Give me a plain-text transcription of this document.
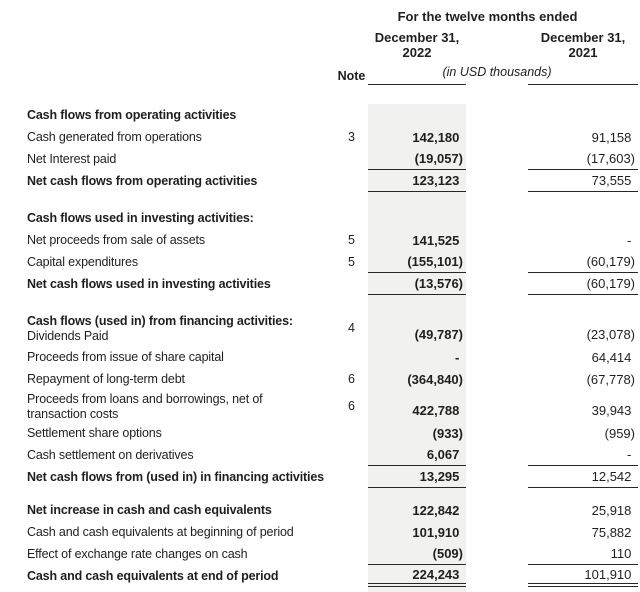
	For the twelve months ended				

December 31,
2022

December 31,
2021

	Note		(in USD thousands)		

Cash flows from operating activities					
Cash generated from operations	3	142,180		91,158	
Net Interest paid		(19,057)		(17,603)	
Net cash flows from operating activities		123,123		73,555	

Cash flows used in investing activities:					
Net proceeds from sale of assets	5	141,525		-	
Capital expenditures	5	(155,101)		(60,179)	
Net cash flows used in investing activities		(13,576)		(60,179)	

Cash flows (used in) from financing activities:
Dividends Paid	4	(49,787)		(23,078)	
Proceeds from issue of share capital		-		64,414	
Repayment of long-term debt	6	(364,840)		(67,778)	

Proceeds from loans and borrowings, net of
transaction costs	6	422,788		39,943	
Settlement share options		(933)		(959)	
Cash settlement on derivatives		6,067		-	
Net cash flows from (used in) in financing activities		13,295		12,542	

Net increase in cash and cash equivalents		122,842		25,918	
Cash and cash equivalents at beginning of period		101,910		75,882	
Effect of exchange rate changes on cash		(509)		110	
Cash and cash equivalents at end of period		224,243		101,910	
